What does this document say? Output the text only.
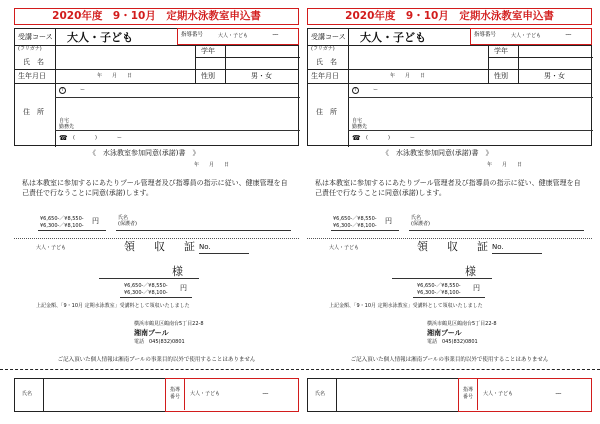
2020年度　9・10月　定期水泳教室申込書
受講コース 大人・子ども
(フリガナ)
氏　名
学年
生年月日	年　　月　　日	性別	男・女
住　所
〒	ー
自宅
勤務先
☎ (　　　　)　　　　ー
指導番号	大人・子ども	ー
《　水泳教室参加同意(承諾)書　》
年　　月　　日
私は本教室に参加するにあたりプール管理者及び指導員の指示に従い、健康管理を自己責任で行なうことに同意(承諾)します。
¥6,650-／¥8,550-
¥6,300-／¥8,100-
円	氏名
(保護者)
大人・子ども	領　収　証 No.
様
¥6,650-／¥8,550-
¥6,300-／¥8,100-
円
上記金額、「9・10月 定期水泳教室」受講料として領収いたしました
横浜市鶴見区鶴南台5丁目22-8
湘南プール
電話　045(832)0801
2020年度　9・10月　定期水泳教室申込書
受講コース 大人・子ども
(フリガナ)
氏　名
学年
生年月日	年　　月　　日	性別	男・女
住　所
〒	ー
自宅
勤務先
☎ (　　　　)　　　　ー
指導番号	大人・子ども	ー
《　水泳教室参加同意(承諾)書　》
年　　月　　日
私は本教室に参加するにあたりプール管理者及び指導員の指示に従い、健康管理を自己責任で行なうことに同意(承諾)します。
¥6,650-／¥8,550-
¥6,300-／¥8,100-
円	氏名
(保護者)
大人・子ども	領　収　証 No.
様
¥6,650-／¥8,550-
¥6,300-／¥8,100-
円
上記金額、「9・10月 定期水泳教室」受講料として領収いたしました
横浜市鶴見区鶴南台5丁目22-8
湘南プール
電話　045(832)0801
ご記入頂いた個人情報は湘南プールの事業目的以外で使用することはありません	ご記入頂いた個人情報は湘南プールの事業目的以外で使用することはありません
氏名
指導
番号 大人・子ども	ー	氏名
指導
番号 大人・子ども	ー
